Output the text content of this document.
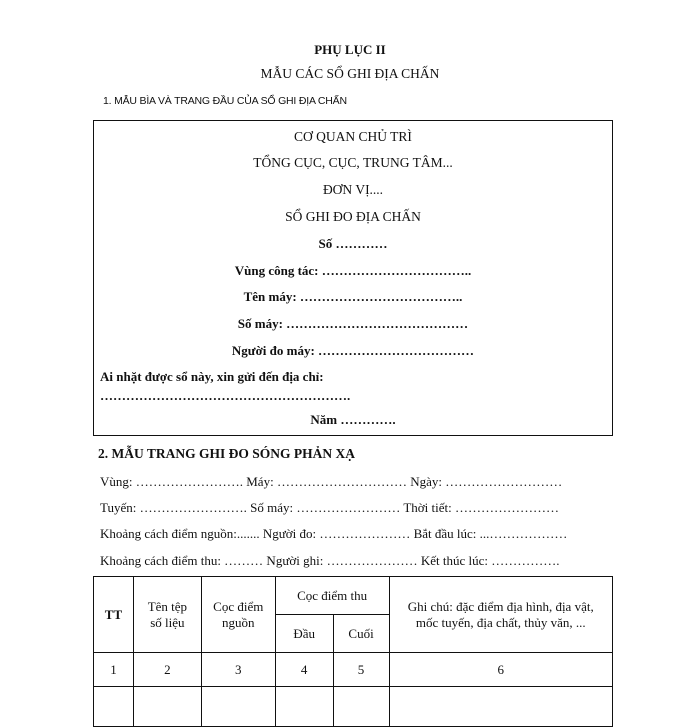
PHỤ LỤC II
MẪU CÁC SỔ GHI ĐỊA CHẤN
1. MẪU BÌA VÀ TRANG ĐẦU CỦA SỔ GHI ĐỊA CHẤN
CƠ QUAN CHỦ TRÌ
TỔNG CỤC, CỤC, TRUNG TÂM...
ĐƠN VỊ....
SỔ GHI ĐO ĐỊA CHẤN
Số …………
Vùng công tác: ……………………………..
Tên máy: ………………………………..
Số máy: ……………………………………
Người đo máy: ………………………………
Ai nhặt được sổ này, xin gửi đến địa chỉ:
………………………………………………….
Năm ………….
2. MẪU TRANG GHI ĐO SÓNG PHẢN XẠ
Vùng: ……………………. Máy: ………………………… Ngày: ………………………
Tuyến: ……………………. Số máy: …………………… Thời tiết: ……………………
Khoảng cách điểm nguồn:....... Người đo: ………………… Bắt đầu lúc: ...………………
Khoảng cách điểm thu: ……… Người ghi: ………………… Kết thúc lúc: …………….
TT	Tên tệp số liệu	Cọc điểm nguồn	Cọc điểm thu		Ghi chú: đặc điểm địa hình, địa vật, mốc tuyến, địa chất, thủy văn, ...
			Đầu	Cuối	
1	2	3	4	5	6
